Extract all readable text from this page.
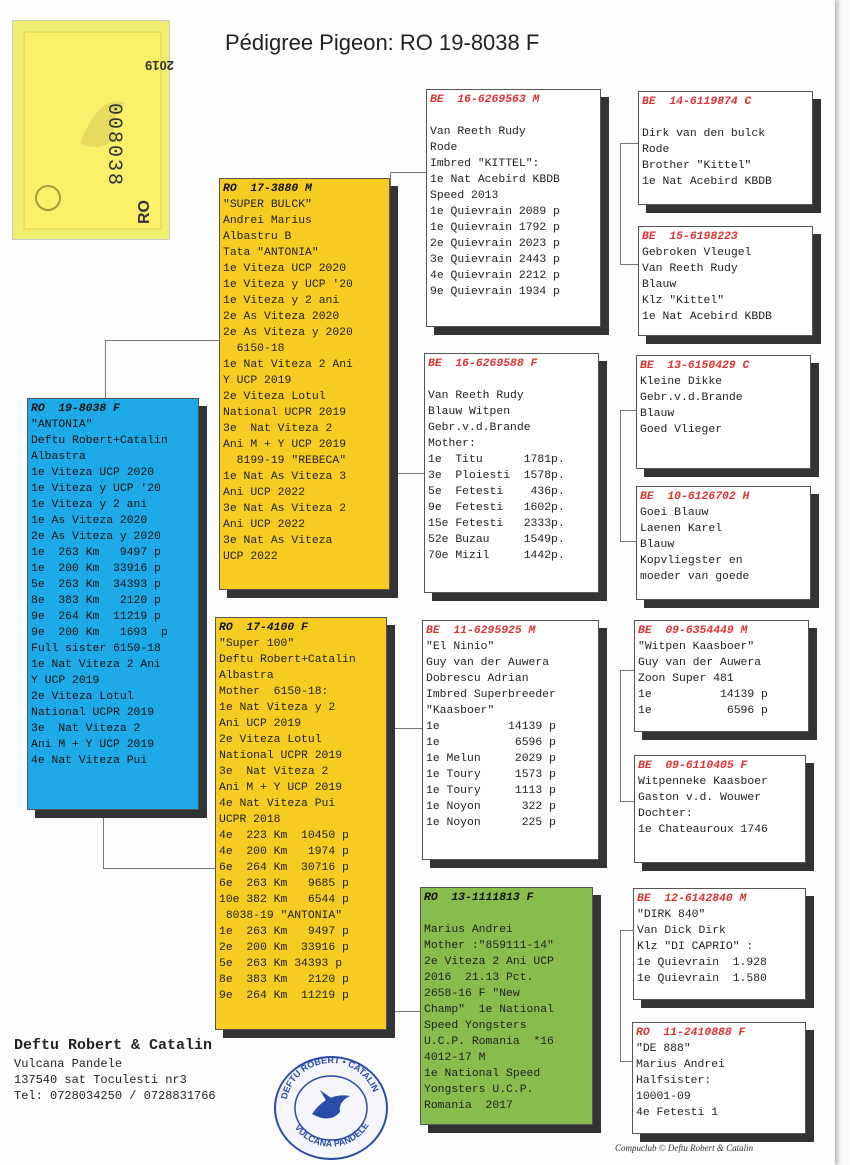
Pédigree Pigeon: RO 19-8038 F
008038
2019
RO
RO  19-8038 F
"ANTONIA"
Deftu Robert+Catalin
Albastra
1e Viteza UCP 2020
1e Viteza y UCP '20
1e Viteza y 2 ani
1e As Viteza 2020
2e As Viteza y 2020
1e  263 Km   9497 p
1e  200 Km  33916 p
5e  263 Km  34393 p
8e  383 Km   2120 p
9e  264 Km  11219 p
9e  200 Km   1693  p
Full sister 6150-18
1e Nat Viteza 2 Ani
Y UCP 2019
2e Viteza Lotul
National UCPR 2019
3e  Nat Viteza 2
Ani M + Y UCP 2019
4e Nat Viteza Pui
RO  17-3880 M
"SUPER BULCK"
Andrei Marius
Albastru B
Tata "ANTONIA"
1e Viteza UCP 2020
1e Viteza y UCP '20
1e Viteza y 2 ani
2e As Viteza 2020
2e As Viteza y 2020
6150-18
1e Nat Viteza 2 Ani
Y UCP 2019
2e Viteza Lotul
National UCPR 2019
3e  Nat Viteza 2
Ani M + Y UCP 2019
8199-19 "REBECA"
1e Nat As Viteza 3
Ani UCP 2022
3e Nat As Viteza 2
Ani UCP 2022
3e Nat As Viteza
UCP 2022
RO  17-4100 F
"Super 100"
Deftu Robert+Catalin
Albastra
Mother  6150-18:
1e Nat Viteza y 2
Ani UCP 2019
2e Viteza Lotul
National UCPR 2019
3e  Nat Viteza 2
Ani M + Y UCP 2019
4e Nat Viteza Pui
UCPR 2018
4e  223 Km  10450 p
4e  200 Km   1974 p
6e  264 Km  30716 p
6e  263 Km   9685 p
10e 382 Km   6544 p
8038-19 "ANTONIA"
1e  263 Km   9497 p
2e  200 Km  33916 p
5e  263 Km 34393 p
8e  383 Km   2120 p
9e  264 Km  11219 p
BE  16-6269563 M

Van Reeth Rudy
Rode
Imbred "KITTEL":
1e Nat Acebird KBDB
Speed 2013
1e Quievrain 2089 p
1e Quievrain 1792 p
2e Quievrain 2023 p
3e Quievrain 2443 p
4e Quievrain 2212 p
9e Quievrain 1934 p
BE  16-6269588 F

Van Reeth Rudy
Blauw Witpen
Gebr.v.d.Brande
Mother:
1e  Titu      1781p.
3e  Ploiesti  1578p.
5e  Fetesti    436p.
9e  Fetesti   1602p.
15e Fetesti   2333p.
52e Buzau     1549p.
70e Mizil     1442p.
BE  11-6295925 M
"El Ninio"
Guy van der Auwera
Dobrescu Adrian
Imbred Superbreeder
"Kaasboer"
1e          14139 p
1e           6596 p
1e Melun     2029 p
1e Toury     1573 p
1e Toury     1113 p
1e Noyon      322 p
1e Noyon      225 p
RO  13-1111813 F

Marius Andrei
Mother :"859111-14"
2e Viteza 2 Ani UCP
2016  21.13 Pct.
2658-16 F "New
Champ"  1e National
Speed Yongsters
U.C.P. Romania  *16
4012-17 M
1e National Speed
Yongsters U.C.P.
Romania  2017
BE  14-6119874 C

Dirk van den bulck
Rode
Brother "Kittel"
1e Nat Acebird KBDB
BE  15-6198223
Gebroken Vleugel
Van Reeth Rudy
Blauw
Klz "Kittel"
1e Nat Acebird KBDB
BE  13-6150429 C
Kleine Dikke
Gebr.v.d.Brande
Blauw
Goed Vlieger
BE  10-6126702 H
Goei Blauw
Laenen Karel
Blauw
Kopvliegster en
moeder van goede
BE  09-6354449 M
"Witpen Kaasboer"
Guy van der Auwera
Zoon Super 481
1e          14139 p
1e           6596 p
BE  09-6110405 F
Witpenneke Kaasboer
Gaston v.d. Wouwer
Dochter:
1e Chateauroux 1746
BE  12-6142840 M
"DIRK 840"
Van Dick Dirk
Klz "DI CAPRIO" :
1e Quievrain  1.928
1e Quievrain  1.580
RO  11-2410888 F
"DE 888"
Marius Andrei
Halfsister:
10001-09
4e Fetesti 1
Deftu Robert & Catalin
Vulcana Pandele
137540 sat Toculesti nr3
Tel: 0728034250 / 0728831766	DEFTU ROBERT • CATALIN
VULCANA PANDELE
Compuclub © Deftu Robert & Catalin
